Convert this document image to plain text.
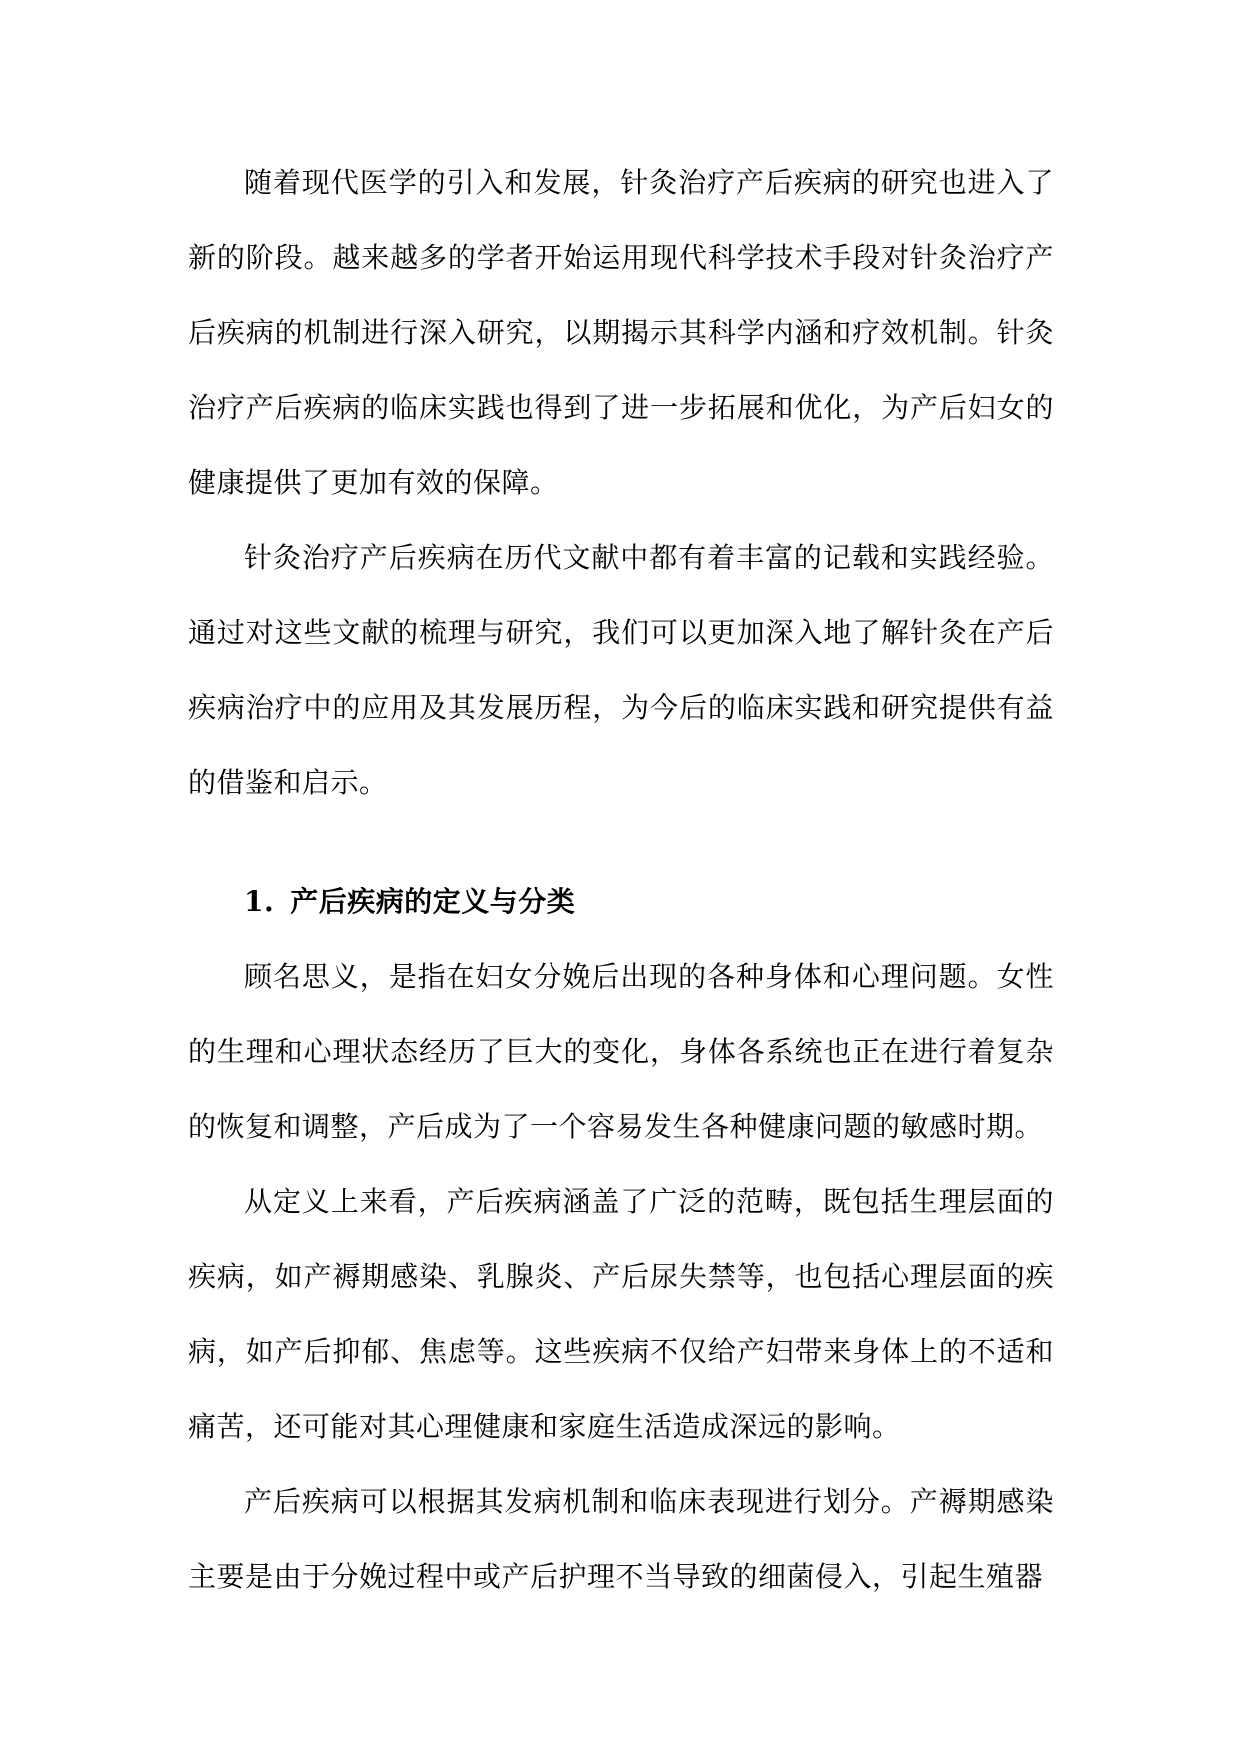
随着现代医学的引入和发展，针灸治疗产后疾病的研究也进入了新的阶段。越来越多的学者开始运用现代科学技术手段对针灸治疗产后疾病的机制进行深入研究，以期揭示其科学内涵和疗效机制。针灸治疗产后疾病的临床实践也得到了进一步拓展和优化，为产后妇女的健康提供了更加有效的保障。

针灸治疗产后疾病在历代文献中都有着丰富的记载和实践经验。通过对这些文献的梳理与研究，我们可以更加深入地了解针灸在产后疾病治疗中的应用及其发展历程，为今后的临床实践和研究提供有益的借鉴和启示。

1. 产后疾病的定义与分类

顾名思义，是指在妇女分娩后出现的各种身体和心理问题。女性的生理和心理状态经历了巨大的变化，身体各系统也正在进行着复杂的恢复和调整，产后成为了一个容易发生各种健康问题的敏感时期。

从定义上来看，产后疾病涵盖了广泛的范畴，既包括生理层面的疾病，如产褥期感染、乳腺炎、产后尿失禁等，也包括心理层面的疾病，如产后抑郁、焦虑等。这些疾病不仅给产妇带来身体上的不适和痛苦，还可能对其心理健康和家庭生活造成深远的影响。

产后疾病可以根据其发病机制和临床表现进行划分。产褥期感染主要是由于分娩过程中或产后护理不当导致的细菌侵入，引起生殖器
